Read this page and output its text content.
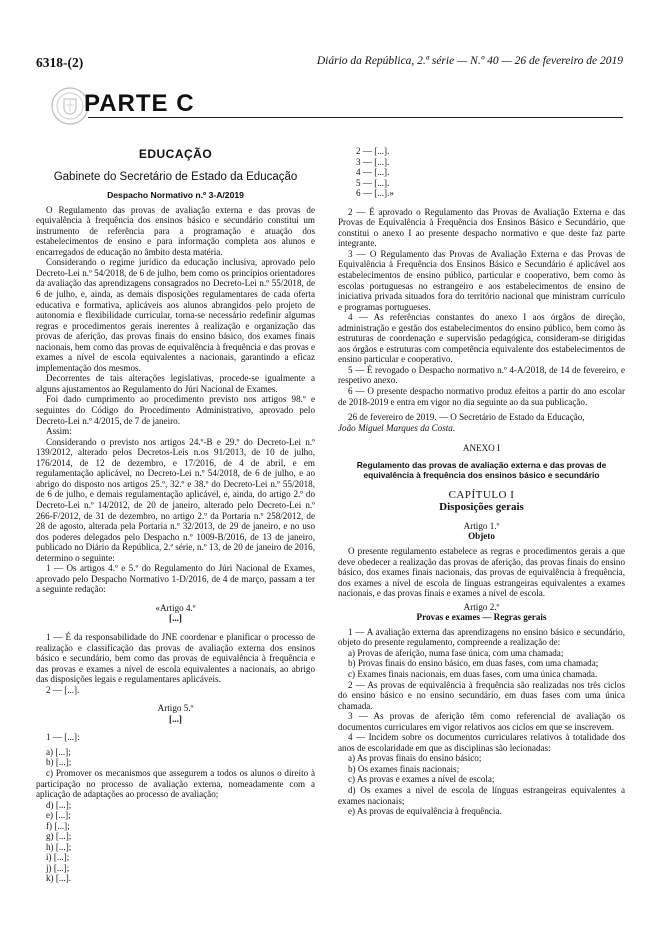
6318-(2)	Diário da República, 2.ª série — N.º 40 — 26 de fevereiro de 2019
PARTE C
EDUCAÇÃO
Gabinete do Secretário de Estado da Educação
Despacho Normativo n.º 3-A/2019

O Regulamento das provas de avaliação externa e das provas de equivalência à frequência dos ensinos básico e secundário constitui um instrumento de referência para a programação e atuação dos estabelecimentos de ensino e para informação completa aos alunos e encarregados de educação no âmbito desta matéria.

Considerando o regime jurídico da educação inclusiva, aprovado pelo Decreto-Lei n.º 54/2018, de 6 de julho, bem como os princípios orientadores da avaliação das aprendizagens consagrados no Decreto-Lei n.º 55/2018, de 6 de julho, e, ainda, as demais disposições regulamentares de cada oferta educativa e formativa, aplicáveis aos alunos abrangidos pelo projeto de autonomia e flexibilidade curricular, torna-se necessário redefinir algumas regras e procedimentos gerais inerentes à realização e organização das provas de aferição, das provas finais do ensino básico, dos exames finais nacionais, bem como das provas de equivalência à frequência e das provas e exames a nível de escola equivalentes a nacionais, garantindo a eficaz implementação dos mesmos.

Decorrentes de tais alterações legislativas, procede-se igualmente a alguns ajustamentos ao Regulamento do Júri Nacional de Exames.

Foi dado cumprimento ao procedimento previsto nos artigos 98.º e seguintes do Código do Procedimento Administrativo, aprovado pelo Decreto-Lei n.º 4/2015, de 7 de janeiro.

Assim:

Considerando o previsto nos artigos 24.º-B e 29.º do Decreto-Lei n.º 139/2012, alterado pelos Decretos-Leis n.os 91/2013, de 10 de julho, 176/2014, de 12 de dezembro, e 17/2016, de 4 de abril, e em regulamentação aplicável, no Decreto-Lei n.º 54/2018, de 6 de julho, e ao abrigo do disposto nos artigos 25.º, 32.º e 38.º do Decreto-Lei n.º 55/2018, de 6 de julho, e demais regulamentação aplicável, e, ainda, do artigo 2.º do Decreto-Lei n.º 14/2012, de 20 de janeiro, alterado pelo Decreto-Lei n.º 266-F/2012, de 31 de dezembro, no artigo 2.º da Portaria n.º 258/2012, de 28 de agosto, alterada pela Portaria n.º 32/2013, de 29 de janeiro, e no uso dos poderes delegados pelo Despacho n.º 1009-B/2016, de 13 de janeiro, publicado no Diário da República, 2.ª série, n.º 13, de 20 de janeiro de 2016, determino o seguinte:

1 — Os artigos 4.º e 5.º do Regulamento do Júri Nacional de Exames, aprovado pelo Despacho Normativo 1-D/2016, de 4 de março, passam a ter a seguinte redação:

«Artigo 4.º

[...]

1 — É da responsabilidade do JNE coordenar e planificar o processo de realização e classificação das provas de avaliação externa dos ensinos básico e secundário, bem como das provas de equivalência à frequência e das provas e exames a nível de escola equivalentes a nacionais, ao abrigo das disposições legais e regulamentares aplicáveis.

2 — [...].

Artigo 5.º

[...]

1 — [...]:

a) [...];

b) [...];

c) Promover os mecanismos que assegurem a todos os alunos o direito à participação no processo de avaliação externa, nomeadamente com a aplicação de adaptações ao processo de avaliação;

d) [...];

e) [...];

f) [...];

g) [...];

h) [...];

i) [...];

j) [...];

k) [...].

2 — [...].
3 — [...].
4 — [...].
5 — [...].
6 — [...].»

2 — É aprovado o Regulamento das Provas de Avaliação Externa e das Provas de Equivalência à Frequência dos Ensinos Básico e Secundário, que constitui o anexo I ao presente despacho normativo e que deste faz parte integrante.

3 — O Regulamento das Provas de Avaliação Externa e das Provas de Equivalência à Frequência dos Ensinos Básico e Secundário é aplicável aos estabelecimentos de ensino público, particular e cooperativo, bem como às escolas portuguesas no estrangeiro e aos estabelecimentos de ensino de iniciativa privada situados fora do território nacional que ministram currículo e programas portugueses.

4 — As referências constantes do anexo I aos órgãos de direção, administração e gestão dos estabelecimentos do ensino público, bem como às estruturas de coordenação e supervisão pedagógica, consideram-se dirigidas aos órgãos e estruturas com competência equivalente dos estabelecimentos de ensino particular e cooperativo.

5 — É revogado o Despacho normativo n.º 4-A/2018, de 14 de fevereiro, e respetivo anexo.

6 — O presente despacho normativo produz efeitos a partir do ano escolar de 2018-2019 e entra em vigor no dia seguinte ao da sua publicação.

26 de fevereiro de 2019. — O Secretário de Estado da Educação,

João Miguel Marques da Costa.

ANEXO I

Regulamento das provas de avaliação externa e das provas de equivalência à frequência dos ensinos básico e secundário
CAPÍTULO I
Disposições gerais

Artigo 1.º

Objeto

O presente regulamento estabelece as regras e procedimentos gerais a que deve obedecer a realização das provas de aferição, das provas finais do ensino básico, dos exames finais nacionais, das provas de equivalência à frequência, dos exames a nível de escola de línguas estrangeiras equivalentes a exames nacionais, e das provas finais e exames a nível de escola.

Artigo 2.º

Provas e exames — Regras gerais

1 — A avaliação externa das aprendizagens no ensino básico e secundário, objeto do presente regulamento, compreende a realização de:

a) Provas de aferição, numa fase única, com uma chamada;

b) Provas finais do ensino básico, em duas fases, com uma chamada;

c) Exames finais nacionais, em duas fases, com uma única chamada.

2 — As provas de equivalência à frequência são realizadas nos três ciclos do ensino básico e no ensino secundário, em duas fases com uma única chamada.

3 — As provas de aferição têm como referencial de avaliação os documentos curriculares em vigor relativos aos ciclos em que se inscrevem.

4 — Incidem sobre os documentos curriculares relativos à totalidade dos anos de escolaridade em que as disciplinas são lecionadas:

a) As provas finais do ensino básico;

b) Os exames finais nacionais;

c) As provas e exames a nível de escola;

d) Os exames a nível de escola de línguas estrangeiras equivalentes a exames nacionais;

e) As provas de equivalência à frequência.
